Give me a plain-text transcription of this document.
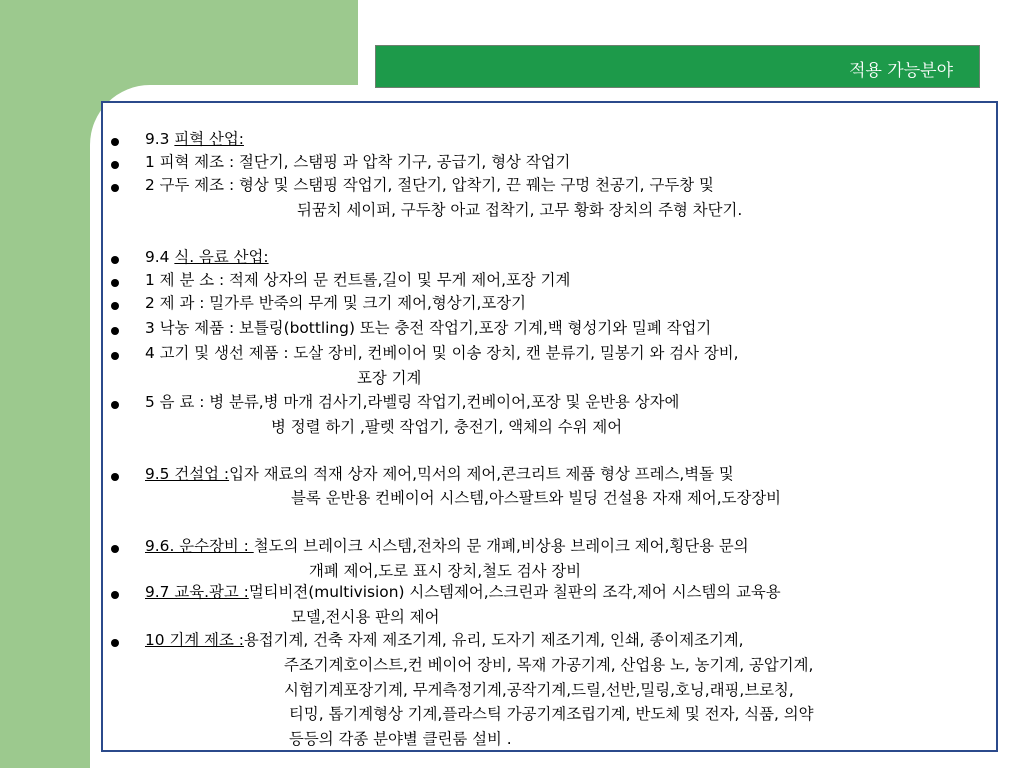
적용 가능분야
9.3 피혁 산업:
1 피혁 제조 : 절단기, 스탬핑 과 압착 기구, 공급기, 형상 작업기
2 구두 제조 : 형상 및 스탬핑 작업기, 절단기, 압착기, 끈 꿰는 구멍 천공기, 구두창 및
뒤꿈치 세이퍼, 구두창 아교 접착기, 고무 황화 장치의 주형 차단기.
9.4 식. 음료 산업:
1 제 분 소 : 적제 상자의 문 컨트롤,길이 및 무게 제어,포장 기계
2 제 과 : 밀가루 반죽의 무게 및 크기 제어,형상기,포장기
3 낙농 제품 : 보틀링(bottling) 또는 충전 작업기,포장 기계,백 형성기와 밀폐 작업기
4 고기 및 생선 제품 : 도살 장비, 컨베이어 및 이송 장치, 캔 분류기, 밀봉기 와 검사 장비,
포장 기계
5 음 료 : 병 분류,병 마개 검사기,라벨링 작업기,컨베이어,포장 및 운반용 상자에
병 정렬 하기 ,팔렛 작업기, 충전기, 액체의 수위 제어
9.5 건설업 :입자 재료의 적재 상자 제어,믹서의 제어,콘크리트 제품 형상 프레스,벽돌 및
블록 운반용 컨베이어 시스템,아스팔트와 빌딩 건설용 자재 제어,도장장비
9.6. 운수장비 : 철도의 브레이크 시스템,전차의 문 개폐,비상용 브레이크 제어,횡단용 문의
개폐 제어,도로 표시 장치,철도 검사 장비
9.7 교육.광고 :멀티비젼(multivision) 시스템제어,스크린과 칠판의 조각,제어 시스템의 교육용
모델,전시용 판의 제어
10 기계 제조 :용접기계, 건축 자제 제조기계, 유리, 도자기 제조기계, 인쇄, 종이제조기계,
주조기계호이스트,컨 베이어 장비, 목재 가공기계, 산업용 노, 농기계, 공압기계,
시험기계포장기계, 무게측정기계,공작기계,드릴,선반,밀링,호닝,래핑,브로칭,
티밍, 톱기계형상 기계,플라스틱 가공기계조립기계, 반도체 및 전자, 식품, 의약
등등의 각종 분야별 클린룸 설비 .
